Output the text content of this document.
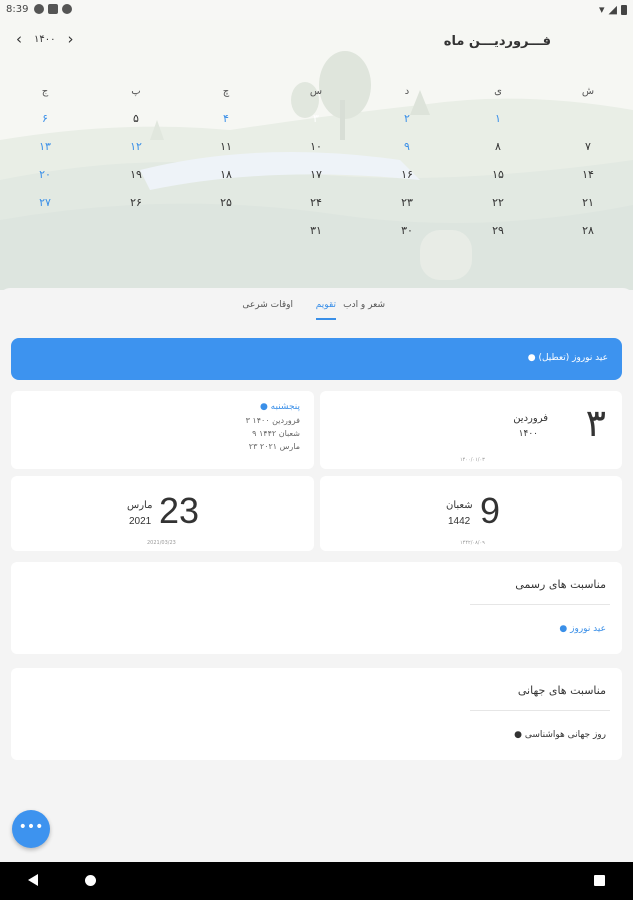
8:39	▾ ◢
فـــروردیـــن ماه
‹ ۱۴۰۰ ›
ش
ی
د
س
چ
پ
ج
۱
۲
۳
۴
۵
۶
۷
۸
۹
۱۰
۱۱
۱۲
۱۳
۱۴
۱۵
۱۶
۱۷
۱۸
۱۹
۲۰
۲۱
۲۲
۲۳
۲۴
۲۵
۲۶
۲۷
۲۸
۲۹
۳۰
۳۱
شعر و ادب
تقویم
اوقات شرعی
● عید نوروز (تعطیل)
۳
فروردین
۱۴۰۰
۱۴۰۰/۰۱/۰۳
● پنجشنبه
۳ فروردین ۱۴۰۰
۹ شعبان ۱۴۴۲
۲۳ مارس ۲۰۲۱
9
شعبان
1442
۱۴۴۲/۰۸/۰۹
23
مارس
2021
2021/03/23
مناسبت های رسمی
● عید نوروز
مناسبت های جهانی
● روز جهانی هواشناسی
•••
